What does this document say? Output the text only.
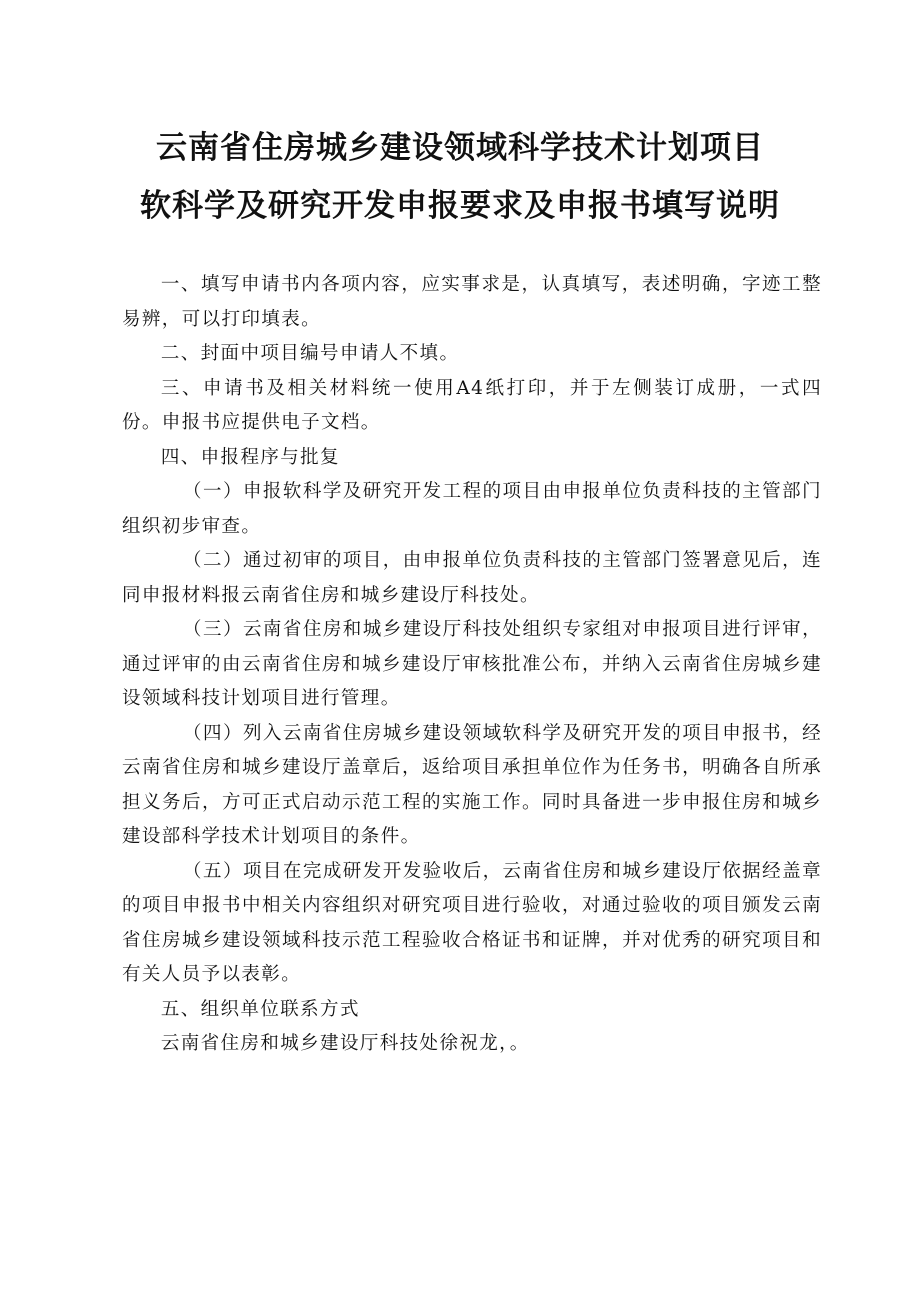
云南省住房城乡建设领域科学技术计划项目
软科学及研究开发申报要求及申报书填写说明

一、填写申请书内各项内容，应实事求是，认真填写，表述明确，字迹工整易辨，可以打印填表。

二、封面中项目编号申请人不填。

三、申请书及相关材料统一使用A4纸打印，并于左侧装订成册，一式四份。申报书应提供电子文档。

四、申报程序与批复

（一）申报软科学及研究开发工程的项目由申报单位负责科技的主管部门组织初步审查。

（二）通过初审的项目，由申报单位负责科技的主管部门签署意见后，连同申报材料报云南省住房和城乡建设厅科技处。

（三）云南省住房和城乡建设厅科技处组织专家组对申报项目进行评审，通过评审的由云南省住房和城乡建设厅审核批准公布，并纳入云南省住房城乡建设领域科技计划项目进行管理。

（四）列入云南省住房城乡建设领域软科学及研究开发的项目申报书，经云南省住房和城乡建设厅盖章后，返给项目承担单位作为任务书，明确各自所承担义务后，方可正式启动示范工程的实施工作。同时具备进一步申报住房和城乡建设部科学技术计划项目的条件。

（五）项目在完成研发开发验收后，云南省住房和城乡建设厅依据经盖章的项目申报书中相关内容组织对研究项目进行验收，对通过验收的项目颁发云南省住房城乡建设领域科技示范工程验收合格证书和证牌，并对优秀的研究项目和有关人员予以表彰。

五、组织单位联系方式

云南省住房和城乡建设厅科技处徐祝龙，。
